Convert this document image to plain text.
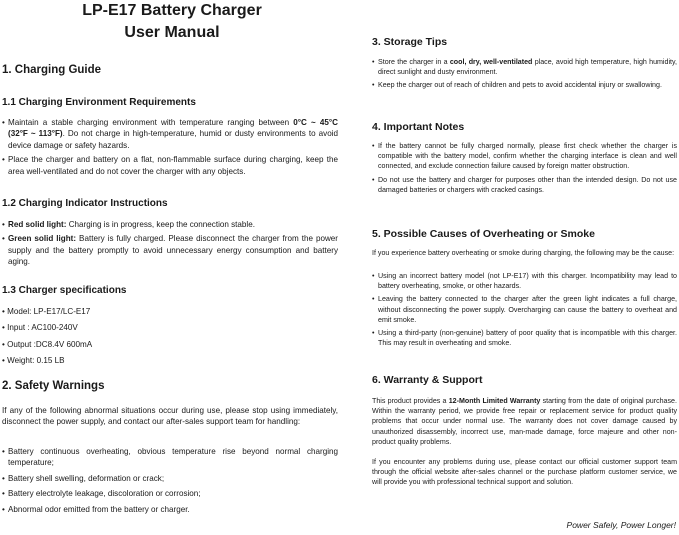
LP-E17 Battery Charger
User Manual
1. Charging Guide
1.1 Charging Environment Requirements
• Maintain a stable charging environment with temperature ranging between 0°C ~ 45°C (32°F ~ 113°F). Do not charge in high-temperature, humid or dusty environments to avoid device damage or safety hazards.
• Place the charger and battery on a flat, non-flammable surface during charging, keep the area well-ventilated and do not cover the charger with any objects.
1.2 Charging Indicator Instructions
• Red solid light: Charging is in progress, keep the connection stable.
• Green solid light: Battery is fully charged. Please disconnect the charger from the power supply and the battery promptly to avoid unnecessary energy consumption and battery aging.
1.3 Charger specifications
• Model: LP-E17/LC-E17
• Input : AC100-240V
• Output :DC8.4V 600mA
• Weight: 0.15 LB
2. Safety Warnings
If any of the following abnormal situations occur during use, please stop using immediately, disconnect the power supply, and contact our after-sales support team for handling:
• Battery continuous overheating, obvious temperature rise beyond normal charging temperature;
• Battery shell swelling, deformation or crack;
• Battery electrolyte leakage, discoloration or corrosion;
• Abnormal odor emitted from the battery or charger.
3. Storage Tips
• Store the charger in a cool, dry, well-ventilated place, avoid high temperature, high humidity, direct sunlight and dusty environment.
• Keep the charger out of reach of children and pets to avoid accidental injury or swallowing.
4. Important Notes
• If the battery cannot be fully charged normally, please first check whether the charger is compatible with the battery model, confirm whether the charging interface is clean and well connected, and exclude connection failure caused by foreign matter obstruction.
• Do not use the battery and charger for purposes other than the intended design. Do not use damaged batteries or chargers with cracked casings.
5. Possible Causes of Overheating or Smoke
If you experience battery overheating or smoke during charging, the following may be the cause:
• Using an incorrect battery model (not LP-E17) with this charger. Incompatibility may lead to battery overheating, smoke, or other hazards.
• Leaving the battery connected to the charger after the green light indicates a full charge, without disconnecting the power supply. Overcharging can cause the battery to overheat and emit smoke.
• Using a third-party (non-genuine) battery of poor quality that is incompatible with this charger. This may result in overheating and smoke.
6. Warranty & Support
This product provides a 12-Month Limited Warranty starting from the date of original purchase. Within the warranty period, we provide free repair or replacement service for product quality problems that occur under normal use. The warranty does not cover damage caused by unauthorized disassembly, incorrect use, man-made damage, force majeure and other non-product quality problems.
If you encounter any problems during use, please contact our official customer support team through the official website after-sales channel or the purchase platform customer service, we will provide you with professional technical support and solution.
Power Safely, Power Longer!
